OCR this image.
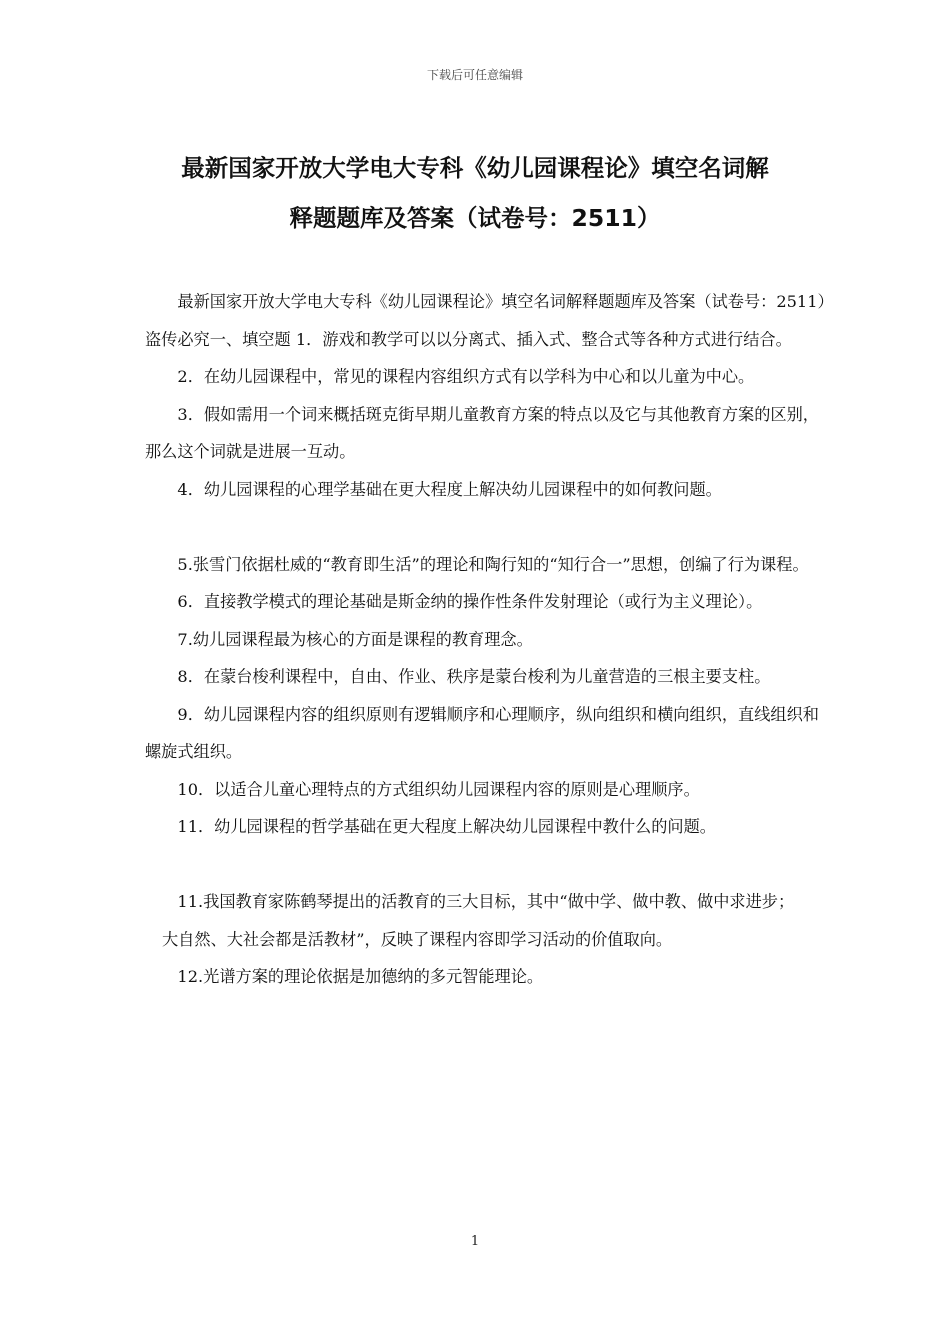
下载后可任意编辑
最新国家开放大学电大专科《幼儿园课程论》填空名词解
释题题库及答案（试卷号：2511）

最新国家开放大学电大专科《幼儿园课程论》填空名词解释题题库及答案（试卷号：2511）盗传必究一、填空题 1．游戏和教学可以以分离式、插入式、整合式等各种方式进行结合。

2．在幼儿园课程中，常见的课程内容组织方式有以学科为中心和以儿童为中心。

3．假如需用一个词来概括斑克街早期儿童教育方案的特点以及它与其他教育方案的区别，那么这个词就是进展一互动。

4．幼儿园课程的心理学基础在更大程度上解决幼儿园课程中的如何教问题。

5.张雪门依据杜威的“教育即生活”的理论和陶行知的“知行合一”思想，创编了行为课程。

6．直接教学模式的理论基础是斯金纳的操作性条件发射理论（或行为主义理论）。

7.幼儿园课程最为核心的方面是课程的教育理念。

8．在蒙台梭利课程中，自由、作业、秩序是蒙台梭利为儿童营造的三根主要支柱。

9．幼儿园课程内容的组织原则有逻辑顺序和心理顺序，纵向组织和横向组织，直线组织和螺旋式组织。

10．以适合儿童心理特点的方式组织幼儿园课程内容的原则是心理顺序。

11．幼儿园课程的哲学基础在更大程度上解决幼儿园课程中教什么的问题。

11.我国教育家陈鹤琴提出的活教育的三大目标，其中“做中学、做中教、做中求进步；

大自然、大社会都是活教材”，反映了课程内容即学习活动的价值取向。

12.光谱方案的理论依据是加德纳的多元智能理论。

1
